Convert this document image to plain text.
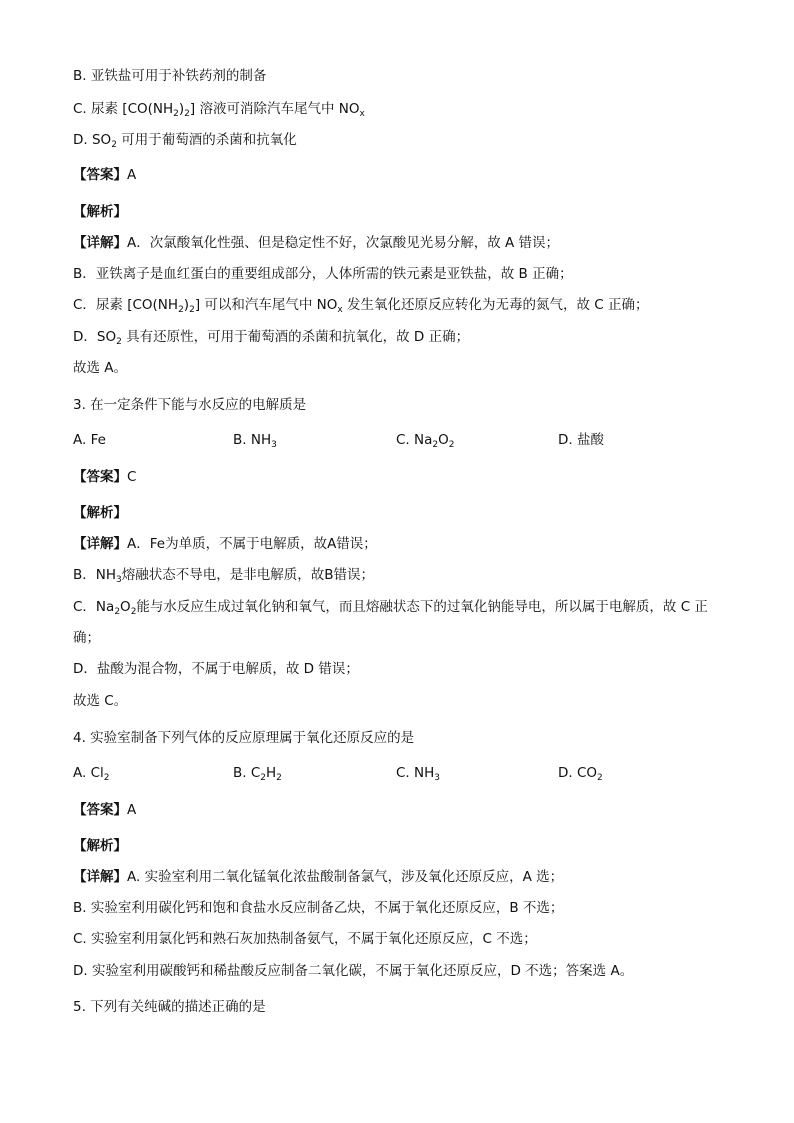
B. 亚铁盐可用于补铁药剂的制备
C. 尿素 $[CO(NH_2)_2]$ 溶液可消除汽车尾气中 $NO_x$
D. $SO_2$ 可用于葡萄酒的杀菌和抗氧化
【答案】A
【解析】
【详解】A．次氯酸氧化性强、但是稳定性不好，次氯酸见光易分解，故 A 错误；
B．亚铁离子是血红蛋白的重要组成部分，人体所需的铁元素是亚铁盐，故 B 正确；
C．尿素 $[CO(NH_2)_2]$ 可以和汽车尾气中 $NO_x$ 发生氧化还原反应转化为无毒的氮气，故 C 正确；
D．$SO_2$ 具有还原性，可用于葡萄酒的杀菌和抗氧化，故 D 正确；
故选 A。
3. 在一定条件下能与水反应的电解质是
A. Fe	B. $NH_3$	C. $Na_2O_2$	D. 盐酸
【答案】C
【解析】
【详解】A．Fe为单质，不属于电解质，故A错误；
B．$NH_3$熔融状态不导电，是非电解质，故B错误；
C．$Na_2O_2$能与水反应生成过氧化钠和氧气，而且熔融状态下的过氧化钠能导电，所以属于电解质，故 C 正
确；
D．盐酸为混合物，不属于电解质，故 D 错误；
故选 C。
4. 实验室制备下列气体的反应原理属于氧化还原反应的是
A. $Cl_2$	B. $C_2H_2$	C. $NH_3$	D. $CO_2$
【答案】A
【解析】
【详解】A. 实验室利用二氧化锰氧化浓盐酸制备氯气，涉及氧化还原反应，A 选；
B. 实验室利用碳化钙和饱和食盐水反应制备乙炔，不属于氧化还原反应，B 不选；
C. 实验室利用氯化钙和熟石灰加热制备氨气，不属于氧化还原反应，C 不选；
D. 实验室利用碳酸钙和稀盐酸反应制备二氧化碳，不属于氧化还原反应，D 不选；答案选 A。
5. 下列有关纯碱的描述正确的是
